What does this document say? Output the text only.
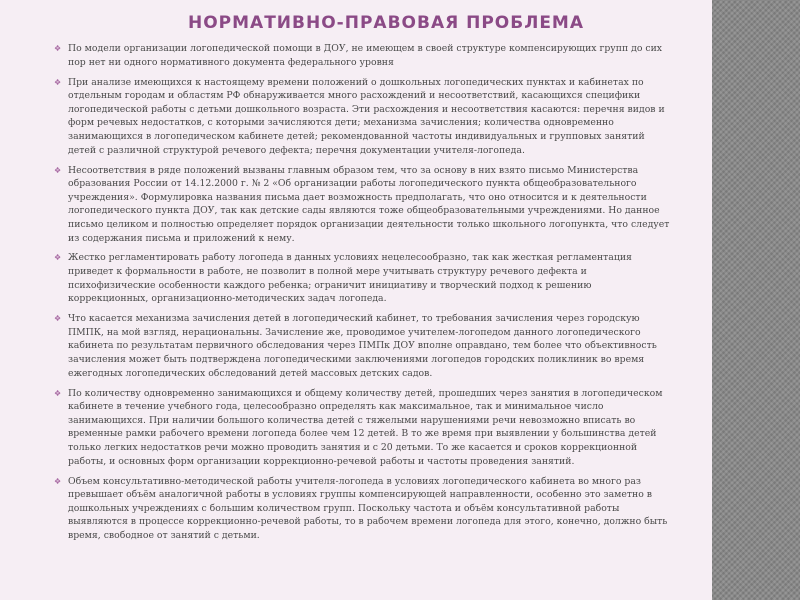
НОРМАТИВНО-ПРАВОВАЯ ПРОБЛЕМА
❖ По модели организации логопедической помощи в ДОУ, не имеющем в своей структуре компенсирующих групп до сих пор нет ни одного нормативного документа федерального уровня
❖ При анализе имеющихся к настоящему времени положений о дошкольных логопедических пунктах и кабинетах по отдельным городам и областям РФ обнаруживается много расхождений и несоответствий, касающихся специфики логопедической работы с детьми дошкольного возраста. Эти расхождения и несоответствия касаются: перечня видов и форм речевых недостатков, с которыми зачисляются дети; механизма зачисления; количества одновременно занимающихся в логопедическом кабинете детей; рекомендованной частоты индивидуальных и групповых занятий детей с различной структурой речевого дефекта; перечня документации учителя-логопеда.
❖ Несоответствия в ряде положений вызваны главным образом тем, что за основу в них взято письмо Министерства образования России от 14.12.2000 г. № 2 «Об организации работы логопедического пункта общеобразовательного учреждения». Формулировка названия письма дает возможность предполагать, что оно относится и к деятельности логопедического пункта ДОУ, так как детские сады являются тоже общеобразовательными учреждениями. Но данное письмо целиком и полностью определяет порядок организации деятельности только школьного логопункта, что следует из содержания письма и приложений к нему.
❖ Жестко регламентировать работу логопеда в данных условиях нецелесообразно, так как жесткая регламентация приведет к формальности в работе, не позволит в полной мере учитывать структуру речевого дефекта и психофизические особенности каждого ребенка; ограничит инициативу и творческий подход к решению коррекционных, организационно-методических задач логопеда.
❖ Что касается механизма зачисления детей в логопедический кабинет, то требования зачисления через городскую ПМПК, на мой взгляд, нерациональны. Зачисление же, проводимое учителем-логопедом данного логопедического кабинета по результатам первичного обследования через ПМПк ДОУ вполне оправдано, тем более что объективность зачисления может быть подтверждена логопедическими заключениями логопедов городских поликлиник во время ежегодных логопедических обследований детей массовых детских садов.
❖ По количеству одновременно занимающихся и общему количеству детей, прошедших через занятия в логопедическом кабинете в течение учебного года, целесообразно определять как максимальное, так и минимальное число занимающихся. При наличии большого количества детей с тяжелыми нарушениями речи невозможно вписать во временные рамки рабочего времени логопеда более чем 12 детей. В то же время при выявлении у большинства детей только легких недостатков речи можно проводить занятия и с 20 детьми. То же касается и сроков коррекционной работы, и основных форм организации коррекционно-речевой работы и частоты проведения занятий.
❖ Объем консультативно-методической работы учителя-логопеда в условиях логопедического кабинета во много раз превышает объём аналогичной работы в условиях группы компенсирующей направленности, особенно это заметно в дошкольных учреждениях с большим количеством групп. Поскольку частота и объём консультативной работы выявляются в процессе коррекционно-речевой работы, то в рабочем времени логопеда для этого, конечно, должно быть время, свободное от занятий с детьми.
